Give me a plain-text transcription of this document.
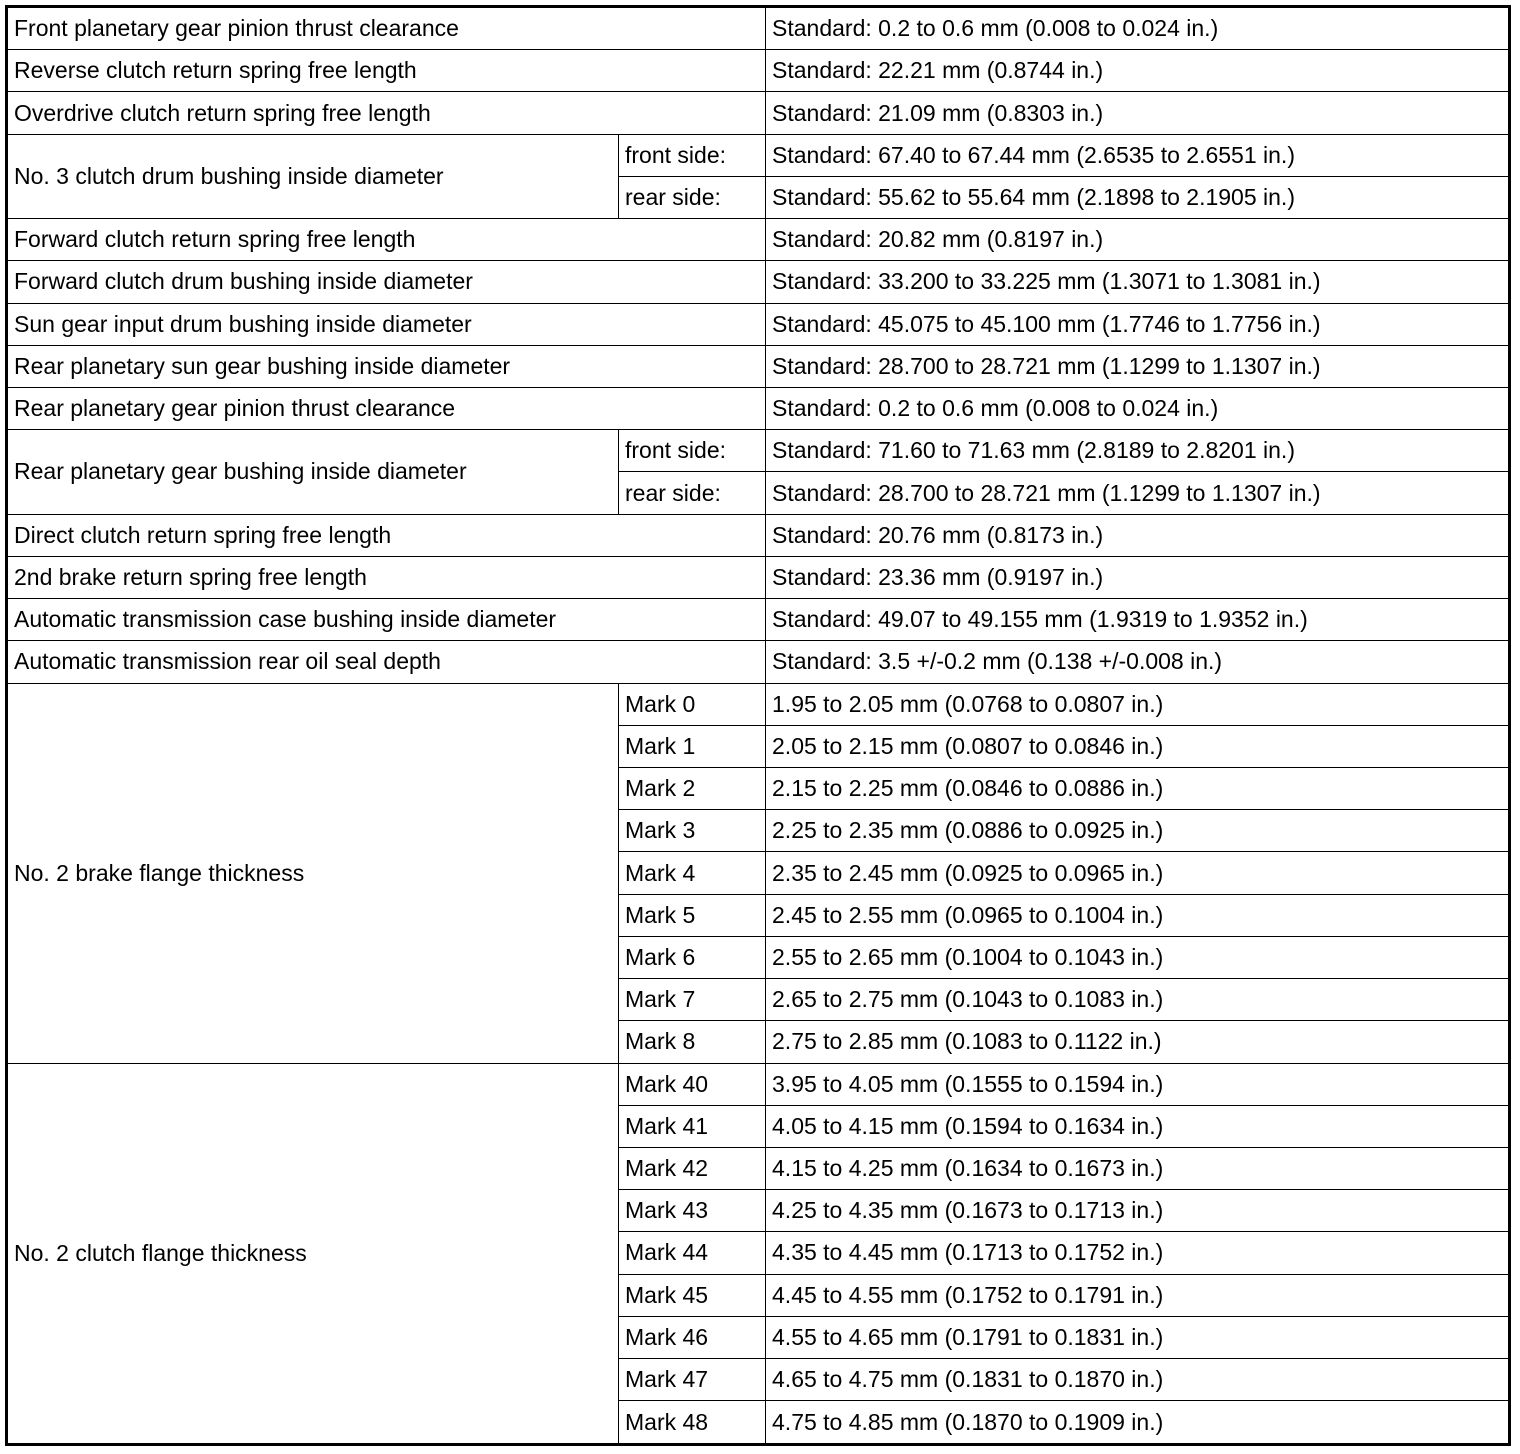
Front planetary gear pinion thrust clearance		Standard: 0.2 to 0.6 mm (0.008 to 0.024 in.)
Reverse clutch return spring free length		Standard: 22.21 mm (0.8744 in.)
Overdrive clutch return spring free length		Standard: 21.09 mm (0.8303 in.)
No. 3 clutch drum bushing inside diameter	front side:	Standard: 67.40 to 67.44 mm (2.6535 to 2.6551 in.)
	rear side:	Standard: 55.62 to 55.64 mm (2.1898 to 2.1905 in.)
Forward clutch return spring free length		Standard: 20.82 mm (0.8197 in.)
Forward clutch drum bushing inside diameter		Standard: 33.200 to 33.225 mm (1.3071 to 1.3081 in.)
Sun gear input drum bushing inside diameter		Standard: 45.075 to 45.100 mm (1.7746 to 1.7756 in.)
Rear planetary sun gear bushing inside diameter		Standard: 28.700 to 28.721 mm (1.1299 to 1.1307 in.)
Rear planetary gear pinion thrust clearance		Standard: 0.2 to 0.6 mm (0.008 to 0.024 in.)
Rear planetary gear bushing inside diameter	front side:	Standard: 71.60 to 71.63 mm (2.8189 to 2.8201 in.)
	rear side:	Standard: 28.700 to 28.721 mm (1.1299 to 1.1307 in.)
Direct clutch return spring free length		Standard: 20.76 mm (0.8173 in.)
2nd brake return spring free length		Standard: 23.36 mm (0.9197 in.)
Automatic transmission case bushing inside diameter		Standard: 49.07 to 49.155 mm (1.9319 to 1.9352 in.)
Automatic transmission rear oil seal depth		Standard: 3.5 +/-0.2 mm (0.138 +/-0.008 in.)
No. 2 brake flange thickness	Mark 0	1.95 to 2.05 mm (0.0768 to 0.0807 in.)
	Mark 1	2.05 to 2.15 mm (0.0807 to 0.0846 in.)
	Mark 2	2.15 to 2.25 mm (0.0846 to 0.0886 in.)
	Mark 3	2.25 to 2.35 mm (0.0886 to 0.0925 in.)
	Mark 4	2.35 to 2.45 mm (0.0925 to 0.0965 in.)
	Mark 5	2.45 to 2.55 mm (0.0965 to 0.1004 in.)
	Mark 6	2.55 to 2.65 mm (0.1004 to 0.1043 in.)
	Mark 7	2.65 to 2.75 mm (0.1043 to 0.1083 in.)
	Mark 8	2.75 to 2.85 mm (0.1083 to 0.1122 in.)
No. 2 clutch flange thickness	Mark 40	3.95 to 4.05 mm (0.1555 to 0.1594 in.)
	Mark 41	4.05 to 4.15 mm (0.1594 to 0.1634 in.)
	Mark 42	4.15 to 4.25 mm (0.1634 to 0.1673 in.)
	Mark 43	4.25 to 4.35 mm (0.1673 to 0.1713 in.)
	Mark 44	4.35 to 4.45 mm (0.1713 to 0.1752 in.)
	Mark 45	4.45 to 4.55 mm (0.1752 to 0.1791 in.)
	Mark 46	4.55 to 4.65 mm (0.1791 to 0.1831 in.)
	Mark 47	4.65 to 4.75 mm (0.1831 to 0.1870 in.)
	Mark 48	4.75 to 4.85 mm (0.1870 to 0.1909 in.)
